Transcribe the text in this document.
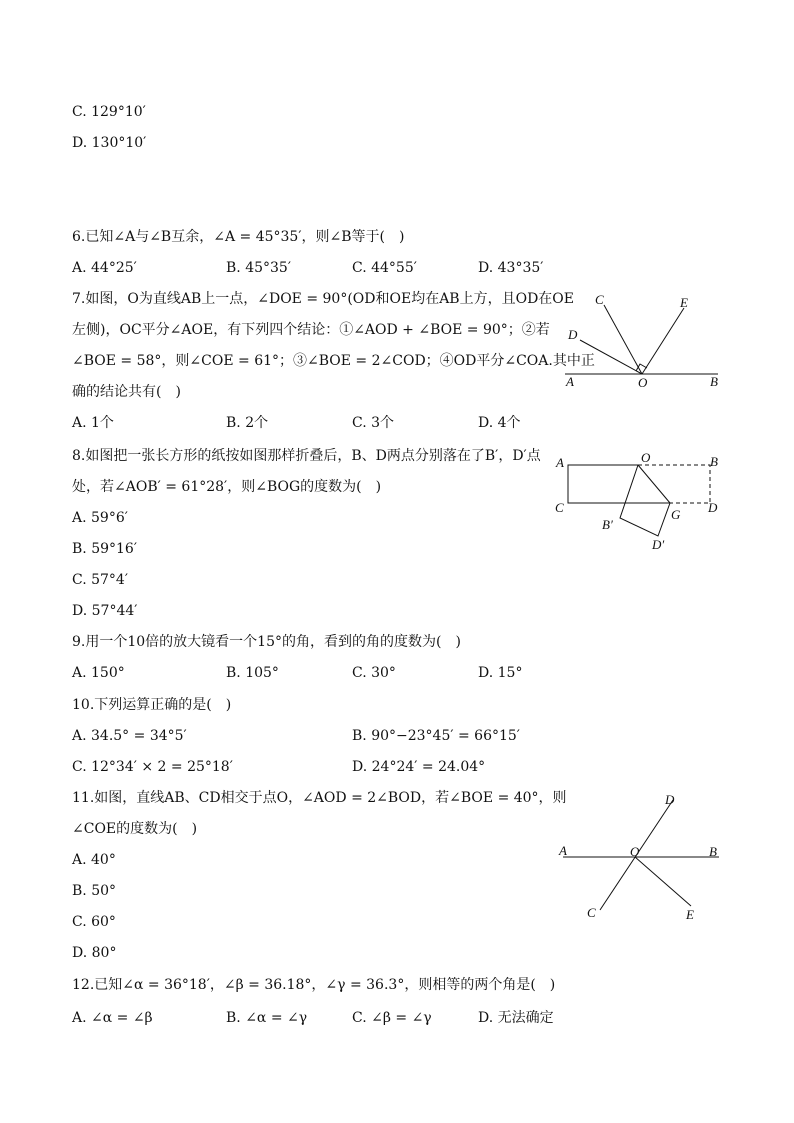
C. 129°10′
D. 130°10′
6.已知∠A与∠B互余，∠A = 45°35′，则∠B等于(　)
A. 44°25′	B. 45°35′	C. 44°55′	D. 43°35′
7.如图，O为直线AB上一点，∠DOE = 90°(OD和OE均在AB上方，且OD在OE
左侧)，OC平分∠AOE，有下列四个结论：①∠AOD + ∠BOE = 90°；②若
∠BOE = 58°，则∠COE = 61°；③∠BOE = 2∠COD；④OD平分∠COA.其中正
确的结论共有(　)
A. 1个	B. 2个	C. 3个	D. 4个
A	O	B
C
D
E
8.如图把一张长方形的纸按如图那样折叠后，B、D两点分别落在了B′，D′点
处，若∠AOB′ = 61°28′，则∠BOG的度数为(　)
A. 59°6′
B. 59°16′
C. 57°4′
D. 57°44′
A	O	B
C	G D
B′
D′
9.用一个10倍的放大镜看一个15°的角，看到的角的度数为(　)
A. 150°	B. 105°	C. 30°	D. 15°
10.下列运算正确的是(　)
A. 34.5° = 34°5′	B. 90°−23°45′ = 66°15′
C. 12°34′ × 2 = 25°18′	D. 24°24′ = 24.04°
11.如图，直线AB、CD相交于点O，∠AOD = 2∠BOD，若∠BOE = 40°，则
∠COE的度数为(　)
A. 40°
B. 50°
C. 60°
D. 80°
A	O	B
C
D
E
12.已知∠α = 36°18′，∠β = 36.18°，∠γ = 36.3°，则相等的两个角是(　)
A. ∠α = ∠β	B. ∠α = ∠γ	C. ∠β = ∠γ	D. 无法确定
